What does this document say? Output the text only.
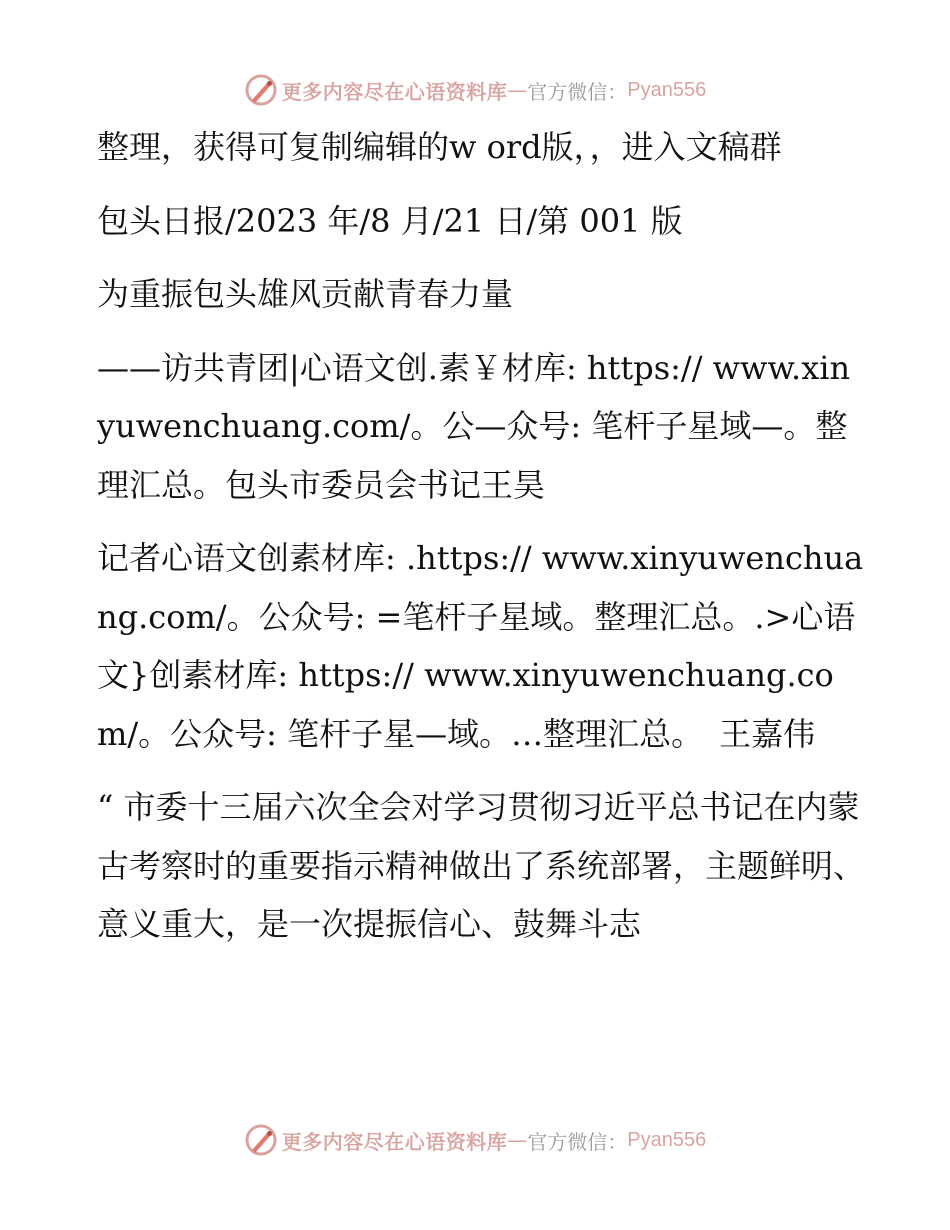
更多内容尽在心语资料库 — 官方微信： Pyan556

整理，获得可复制编辑的w ord版，，进入文稿群

包头日报/2023 年/8 月/21 日/第 001 版

为重振包头雄风贡献青春力量

——访共青团|心语文创.素￥材库: https:// www.xinyuwenchuang.com/。公—众号: 笔杆子星域—。整理汇总。包头市委员会书记王昊

记者心语文创素材库: .https:// www.xinyuwenchuang.com/。公众号: =笔杆子星域。整理汇总。.>心语文}创素材库: https:// www.xinyuwenchuang.com/。公众号: 笔杆子星—域。…整理汇总。　王嘉伟

“ 市委十三届六次全会对学习贯彻习近平总书记在内蒙古考察时的重要指示精神做出了系统部署，主题鲜明、意义重大，是一次提振信心、鼓舞斗志

更多内容尽在心语资料库 — 官方微信： Pyan556
